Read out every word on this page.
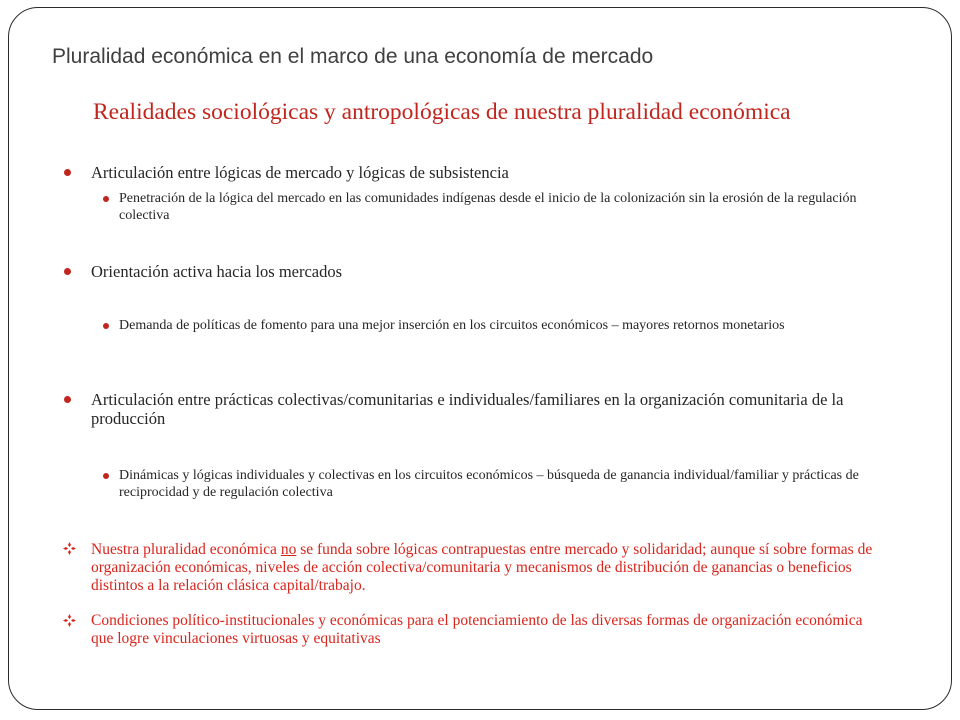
Pluralidad económica en el marco de una economía de mercado
Realidades sociológicas y antropológicas de nuestra pluralidad económica
Articulación entre lógicas de mercado y lógicas de subsistencia
Penetración de la lógica del mercado en las comunidades indígenas desde el inicio de la colonización sin la erosión de la regulación colectiva
Orientación activa hacia los mercados
Demanda de políticas de fomento para una mejor inserción en los circuitos económicos – mayores retornos monetarios
Articulación entre prácticas colectivas/comunitarias e individuales/familiares en la organización comunitaria de la producción
Dinámicas y lógicas individuales y colectivas en los circuitos económicos – búsqueda de ganancia individual/familiar y prácticas de reciprocidad y de regulación colectiva
Nuestra pluralidad económica no se funda sobre lógicas contrapuestas entre mercado y solidaridad; aunque sí sobre formas de organización económicas, niveles de acción colectiva/comunitaria y mecanismos de distribución de ganancias o beneficios distintos a la relación clásica capital/trabajo.
Condiciones político-institucionales y económicas para el potenciamiento de las diversas formas de organización económica que logre vinculaciones virtuosas y equitativas
